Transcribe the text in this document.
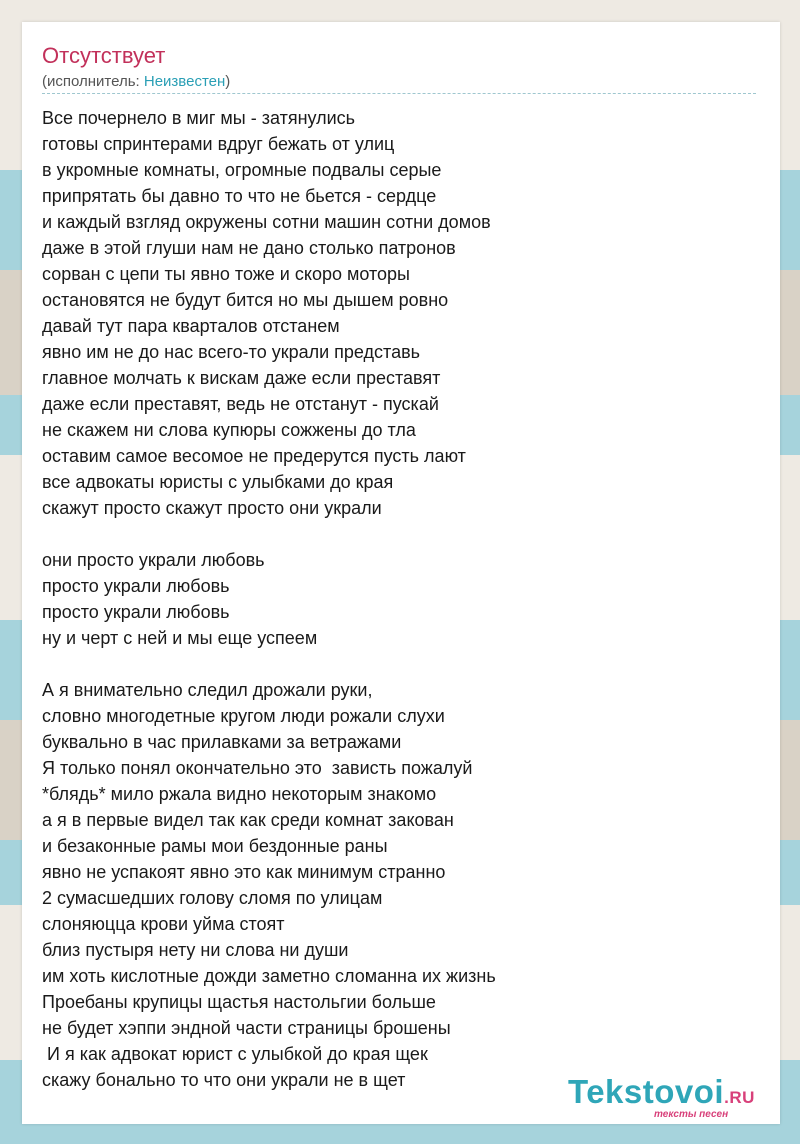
Отсутствует
(исполнитель: Неизвестен)
Все почернело в миг мы - затянулись
готовы спринтерами вдруг бежать от улиц
в укромные комнаты, огромные подвалы серые
припрятать бы давно то что не бьется - сердце
и каждый взгляд окружены сотни машин сотни домов
даже в этой глуши нам не дано столько патронов
сорван с цепи ты явно тоже и скоро моторы
остановятся не будут бится но мы дышем ровно
давай тут пара кварталов отстанем
явно им не до нас всего-то украли представь
главное молчать к вискам даже если преставят
даже если преставят, ведь не отстанут - пускай
не скажем ни слова купюры сожжены до тла
оставим самое весомое не предерутся пусть лают
все адвокаты юристы с улыбками до края
скажут просто скажут просто они украли
они просто украли любовь
просто украли любовь
просто украли любовь
ну и черт с ней и мы еще успеем
А я внимательно следил дрожали руки,
словно многодетные кругом люди рожали слухи
буквально в час прилавками за ветражами
Я только понял окончательно это  зависть пожалуй
*блядь* мило ржала видно некоторым знакомо
а я в первые видел так как среди комнат закован
и безаконные рамы мои бездонные раны
явно не успакоят явно это как минимум странно
2 сумасшедших голову сломя по улицам
слоняюцца крови уйма стоят
близ пустыря нету ни слова ни души
им хоть кислотные дожди заметно сломанна их жизнь
Проебаны крупицы щастья настольгии больше
не будет хэппи эндной части страницы брошены
И я как адвокат юрист с улыбкой до края щек
скажу бонально то что они украли не в щет	Tekstovoi.RU
тексты песен
